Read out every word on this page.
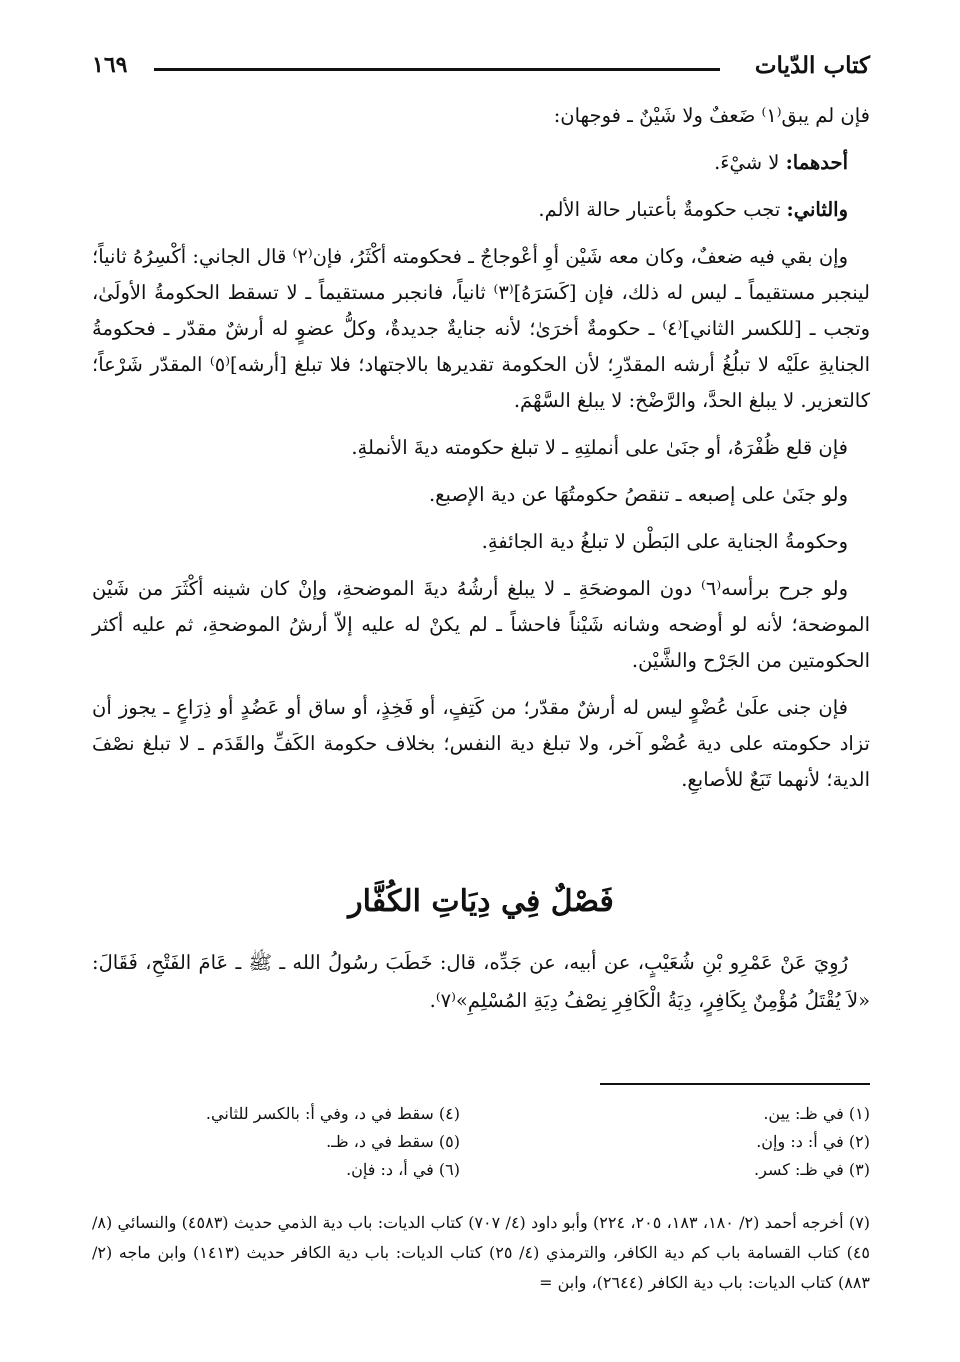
كتاب الدّيات
١٦٩

فإن لم يبق⁽١⁾ ضَعفٌ ولا شَيْنٌ ـ فوجهان:

أحدهما: لا شيْءَ.

والثاني: تجب حكومةٌ بأعتبار حالة الألم.

وإن بقي فيه ضعفٌ، وكان معه شَيْن أوِ أعْوجاجٌ ـ فحكومته أكْثَرُ، فإن⁽٢⁾ قال الجاني: أكْسِرُهُ ثانياً؛ لينجبر مستقيماً ـ ليس له ذلك، فإن [كَسَرَهُ]⁽٣⁾ ثانياً، فانجبر مستقيماً ـ لا تسقط الحكومةُ الأولَىٰ، وتجب ـ [للكسر الثاني]⁽٤⁾ ـ حكومةٌ أخرَىٰ؛ لأنه جنايةٌ جديدةٌ، وكلُّ عضوٍ له أرشٌ مقدّر ـ فحكومةُ الجنايةِ علَيْه لا تبلُغُ أرشه المقدّرِ؛ لأن الحكومة تقديرها بالاجتهاد؛ فلا تبلغ [أرشه]⁽٥⁾ المقدّر شَرْعاً؛ كالتعزير. لا يبلغ الحدَّ، والرَّضْخ: لا يبلغ السَّهْمَ.

فإن قلع ظُفْرَهُ، أو جنَىٰ على أنملتِهِ ـ لا تبلغ حكومته ديةَ الأنملةِ.

ولو جنَىٰ على إصبعه ـ تنقصُ حكومتُهَا عن دية الإصبع.

وحكومةُ الجناية على البَطْن لا تبلغُ دية الجائفةِ.

ولو جرح برأسه⁽٦⁾ دون الموضحَةِ ـ لا يبلغ أرشُهُ ديةَ الموضحةِ، وإنْ كان شينه أكْثَرَ من شَيْن الموضحة؛ لأنه لو أوضحه وشانه شَيْناً فاحشاً ـ لم يكنْ له عليه إلاّ أرشُ الموضحةِ، ثم عليه أكثر الحكومتين من الجَرْح والشَّيْن.

فإن جنى علَىٰ عُضْوٍ ليس له أرشٌ مقدّر؛ من كَتِفٍ، أو فَخِذٍ، أو ساق أو عَضُدٍ أو ذِرَاعٍ ـ يجوز أن تزاد حكومته على دية عُضْو آخر، ولا تبلغ دية النفس؛ بخلاف حكومة الكَفِّ والقَدَم ـ لا تبلغ نصْفَ الدية؛ لأنهما تَبَعٌ للأصابعِ.

فَصْلٌ فِي دِيَاتِ الكُفَّار

رُوِيَ عَنْ عَمْرِو بْنِ شُعَيْبٍ، عن أبيه، عن جَدِّه، قال: خَطَبَ رسُولُ الله ـ ﷺ ـ عَامَ الفَتْحِ، فَقَالَ: «لاَ يُقْتَلُ مُؤْمِنٌ بِكَافِرٍ، دِيَةُ الْكَافِرِ نِصْفُ دِيَةِ المُسْلِمِ»⁽٧⁾.

(١) في ظـ: يين.
(٢) في أ: د: وإن.
(٣) في ظـ: كسر.
(٤) سقط في د، وفي أ: بالكسر للثاني.
(٥) سقط في د، ظـ.
(٦) في أ، د: فإن.
(٧) أخرجه أحمد (٢/ ١٨٠، ١٨٣، ٢٠٥، ٢٢٤) وأبو داود (٤/ ٧٠٧) كتاب الديات: باب دية الذمي حديث (٤٥٨٣) والنسائي (٨/ ٤٥) كتاب القسامة باب كم دية الكافر، والترمذي (٤/ ٢٥) كتاب الديات: باب دية الكافر حديث (١٤١٣) وابن ماجه (٢/ ٨٨٣) كتاب الديات: باب دية الكافر (٢٦٤٤)، وابن =
